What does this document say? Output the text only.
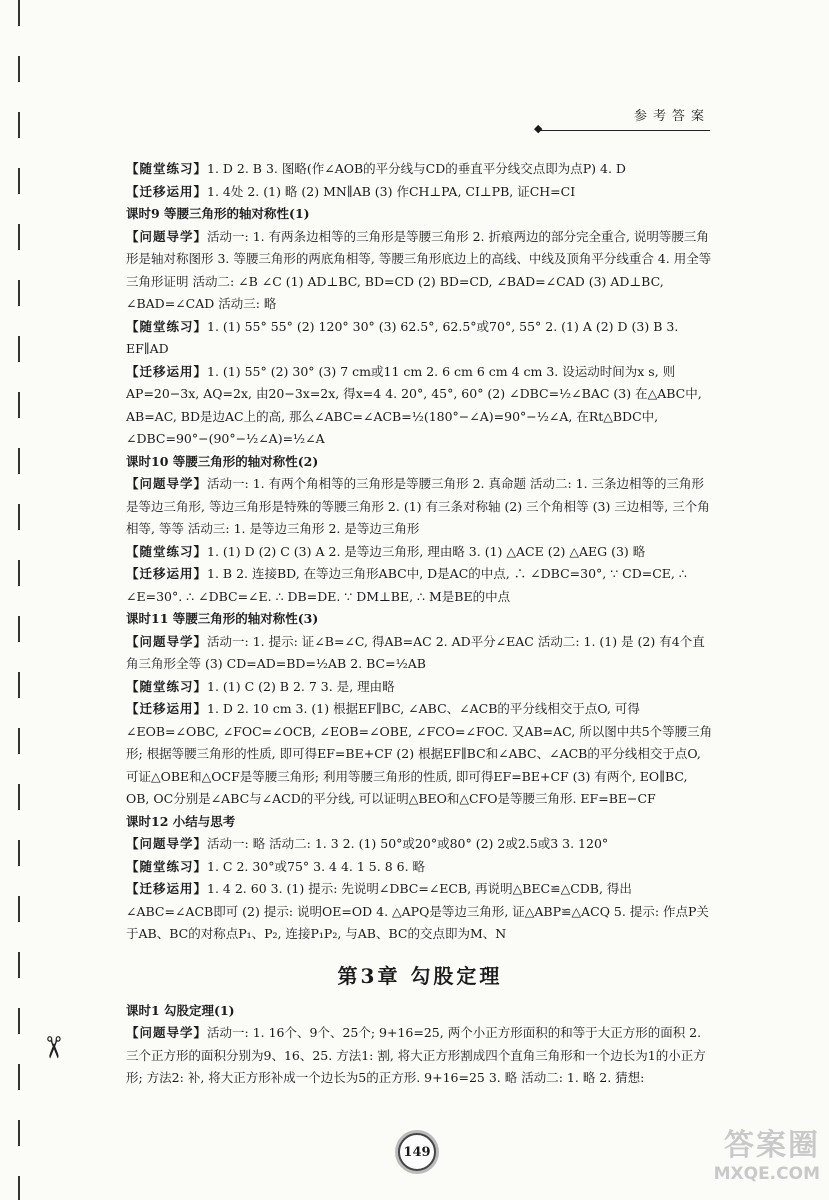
✂
参考答案
◆

【随堂练习】1. D 2. B 3. 图略(作∠AOB的平分线与CD的垂直平分线交点即为点P) 4. D

【迁移运用】1. 4处 2. (1) 略 (2) MN∥AB (3) 作CH⊥PA, CI⊥PB, 证CH=CI

课时9 等腰三角形的轴对称性(1)

【问题导学】活动一: 1. 有两条边相等的三角形是等腰三角形 2. 折痕两边的部分完全重合, 说明等腰三角形是轴对称图形 3. 等腰三角形的两底角相等, 等腰三角形底边上的高线、中线及顶角平分线重合 4. 用全等三角形证明 活动二: ∠B ∠C (1) AD⊥BC, BD=CD (2) BD=CD, ∠BAD=∠CAD (3) AD⊥BC, ∠BAD=∠CAD 活动三: 略

【随堂练习】1. (1) 55° 55° (2) 120° 30° (3) 62.5°, 62.5°或70°, 55° 2. (1) A (2) D (3) B 3. EF∥AD

【迁移运用】1. (1) 55° (2) 30° (3) 7 cm或11 cm 2. 6 cm 6 cm 4 cm 3. 设运动时间为x s, 则AP=20−3x, AQ=2x, 由20−3x=2x, 得x=4 4. 20°, 45°, 60° (2) ∠DBC=½∠BAC (3) 在△ABC中, AB=AC, BD是边AC上的高, 那么∠ABC=∠ACB=½(180°−∠A)=90°−½∠A, 在Rt△BDC中, ∠DBC=90°−(90°−½∠A)=½∠A

课时10 等腰三角形的轴对称性(2)

【问题导学】活动一: 1. 有两个角相等的三角形是等腰三角形 2. 真命题 活动二: 1. 三条边相等的三角形是等边三角形, 等边三角形是特殊的等腰三角形 2. (1) 有三条对称轴 (2) 三个角相等 (3) 三边相等, 三个角相等, 等等 活动三: 1. 是等边三角形 2. 是等边三角形

【随堂练习】1. (1) D (2) C (3) A 2. 是等边三角形, 理由略 3. (1) △ACE (2) △AEG (3) 略

【迁移运用】1. B 2. 连接BD, 在等边三角形ABC中, D是AC的中点, ∴ ∠DBC=30°, ∵ CD=CE, ∴ ∠E=30°. ∴ ∠DBC=∠E. ∴ DB=DE. ∵ DM⊥BE, ∴ M是BE的中点

课时11 等腰三角形的轴对称性(3)

【问题导学】活动一: 1. 提示: 证∠B=∠C, 得AB=AC 2. AD平分∠EAC 活动二: 1. (1) 是 (2) 有4个直角三角形全等 (3) CD=AD=BD=½AB 2. BC=½AB

【随堂练习】1. (1) C (2) B 2. 7 3. 是, 理由略

【迁移运用】1. D 2. 10 cm 3. (1) 根据EF∥BC, ∠ABC、∠ACB的平分线相交于点O, 可得∠EOB=∠OBC, ∠FOC=∠OCB, ∠EOB=∠OBE, ∠FCO=∠FOC. 又AB=AC, 所以图中共5个等腰三角形; 根据等腰三角形的性质, 即可得EF=BE+CF (2) 根据EF∥BC和∠ABC、∠ACB的平分线相交于点O, 可证△OBE和△OCF是等腰三角形; 利用等腰三角形的性质, 即可得EF=BE+CF (3) 有两个, EO∥BC, OB, OC分别是∠ABC与∠ACD的平分线, 可以证明△BEO和△CFO是等腰三角形. EF=BE−CF

课时12 小结与思考

【问题导学】活动一: 略 活动二: 1. 3 2. (1) 50°或20°或80° (2) 2或2.5或3 3. 120°

【随堂练习】1. C 2. 30°或75° 3. 4 4. 1 5. 8 6. 略

【迁移运用】1. 4 2. 60 3. (1) 提示: 先说明∠DBC=∠ECB, 再说明△BEC≌△CDB, 得出∠ABC=∠ACB即可 (2) 提示: 说明OE=OD 4. △APQ是等边三角形, 证△ABP≌△ACQ 5. 提示: 作点P关于AB、BC的对称点P₁、P₂, 连接P₁P₂, 与AB、BC的交点即为M、N

第3章 勾股定理

课时1 勾股定理(1)

【问题导学】活动一: 1. 16个、9个、25个; 9+16=25, 两个小正方形面积的和等于大正方形的面积 2. 三个正方形的面积分别为9、16、25. 方法1: 割, 将大正方形割成四个直角三角形和一个边长为1的小正方形; 方法2: 补, 将大正方形补成一个边长为5的正方形. 9+16=25 3. 略 活动二: 1. 略 2. 猜想:

149	答案圈
MXQE.COM
